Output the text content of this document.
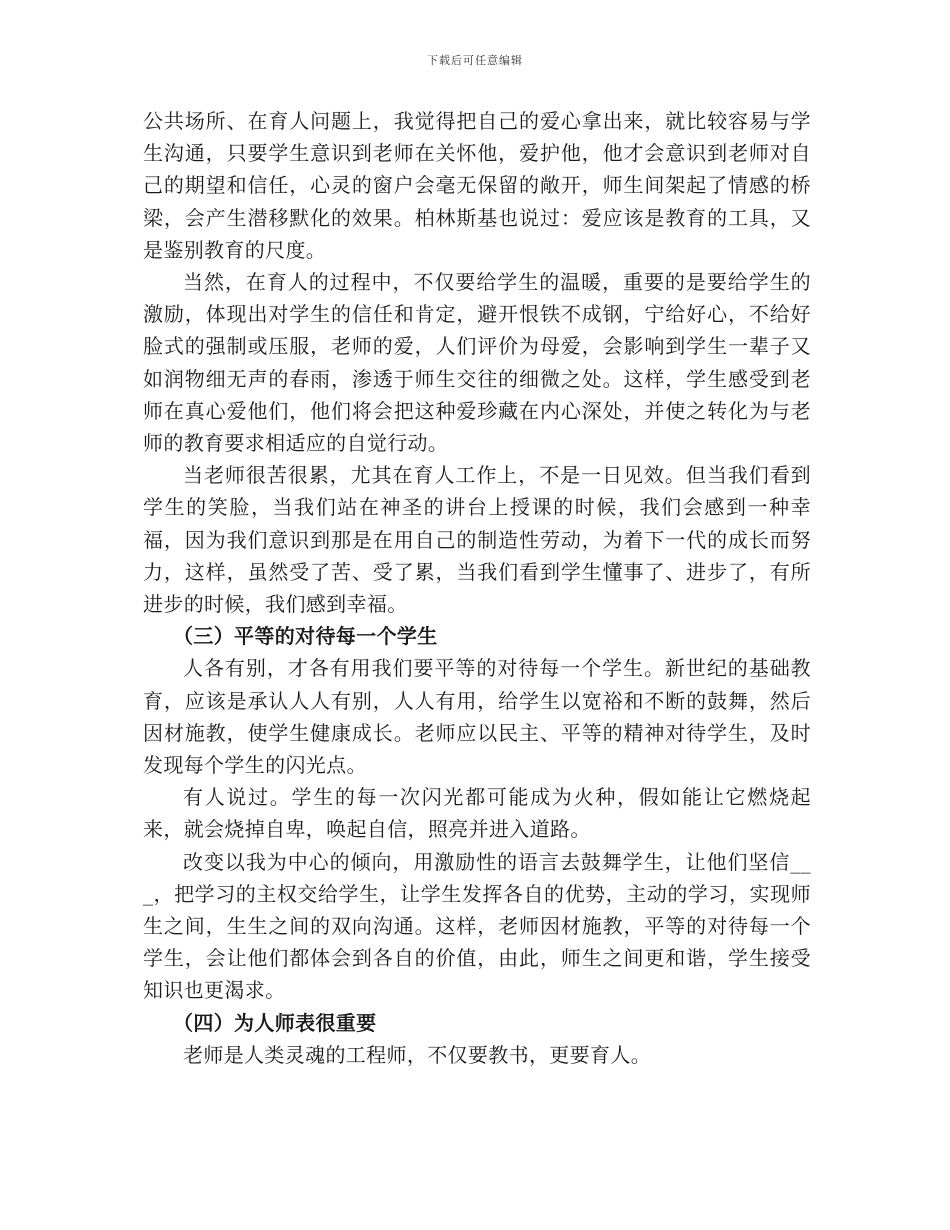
下载后可任意编辑

公共场所、在育人问题上，我觉得把自己的爱心拿出来，就比较容易与学生沟通，只要学生意识到老师在关怀他，爱护他，他才会意识到老师对自己的期望和信任，心灵的窗户会毫无保留的敞开，师生间架起了情感的桥梁，会产生潜移默化的效果。柏林斯基也说过：爱应该是教育的工具，又是鉴别教育的尺度。

当然，在育人的过程中，不仅要给学生的温暖，重要的是要给学生的激励，体现出对学生的信任和肯定，避开恨铁不成钢，宁给好心，不给好脸式的强制或压服，老师的爱，人们评价为母爱，会影响到学生一辈子又如润物细无声的春雨，渗透于师生交往的细微之处。这样，学生感受到老师在真心爱他们，他们将会把这种爱珍藏在内心深处，并使之转化为与老师的教育要求相适应的自觉行动。

当老师很苦很累，尤其在育人工作上，不是一日见效。但当我们看到学生的笑脸，当我们站在神圣的讲台上授课的时候，我们会感到一种幸福，因为我们意识到那是在用自己的制造性劳动，为着下一代的成长而努力，这样，虽然受了苦、受了累，当我们看到学生懂事了、进步了，有所进步的时候，我们感到幸福。

（三）平等的对待每一个学生

人各有别，才各有用我们要平等的对待每一个学生。新世纪的基础教育，应该是承认人人有别，人人有用，给学生以宽裕和不断的鼓舞，然后因材施教，使学生健康成长。老师应以民主、平等的精神对待学生，及时发现每个学生的闪光点。

有人说过。学生的每一次闪光都可能成为火种，假如能让它燃烧起来，就会烧掉自卑，唤起自信，照亮并进入道路。

改变以我为中心的倾向，用激励性的语言去鼓舞学生，让他们坚信___，把学习的主权交给学生，让学生发挥各自的优势，主动的学习，实现师生之间，生生之间的双向沟通。这样，老师因材施教，平等的对待每一个学生，会让他们都体会到各自的价值，由此，师生之间更和谐，学生接受知识也更渴求。

（四）为人师表很重要

老师是人类灵魂的工程师，不仅要教书，更要育人。
